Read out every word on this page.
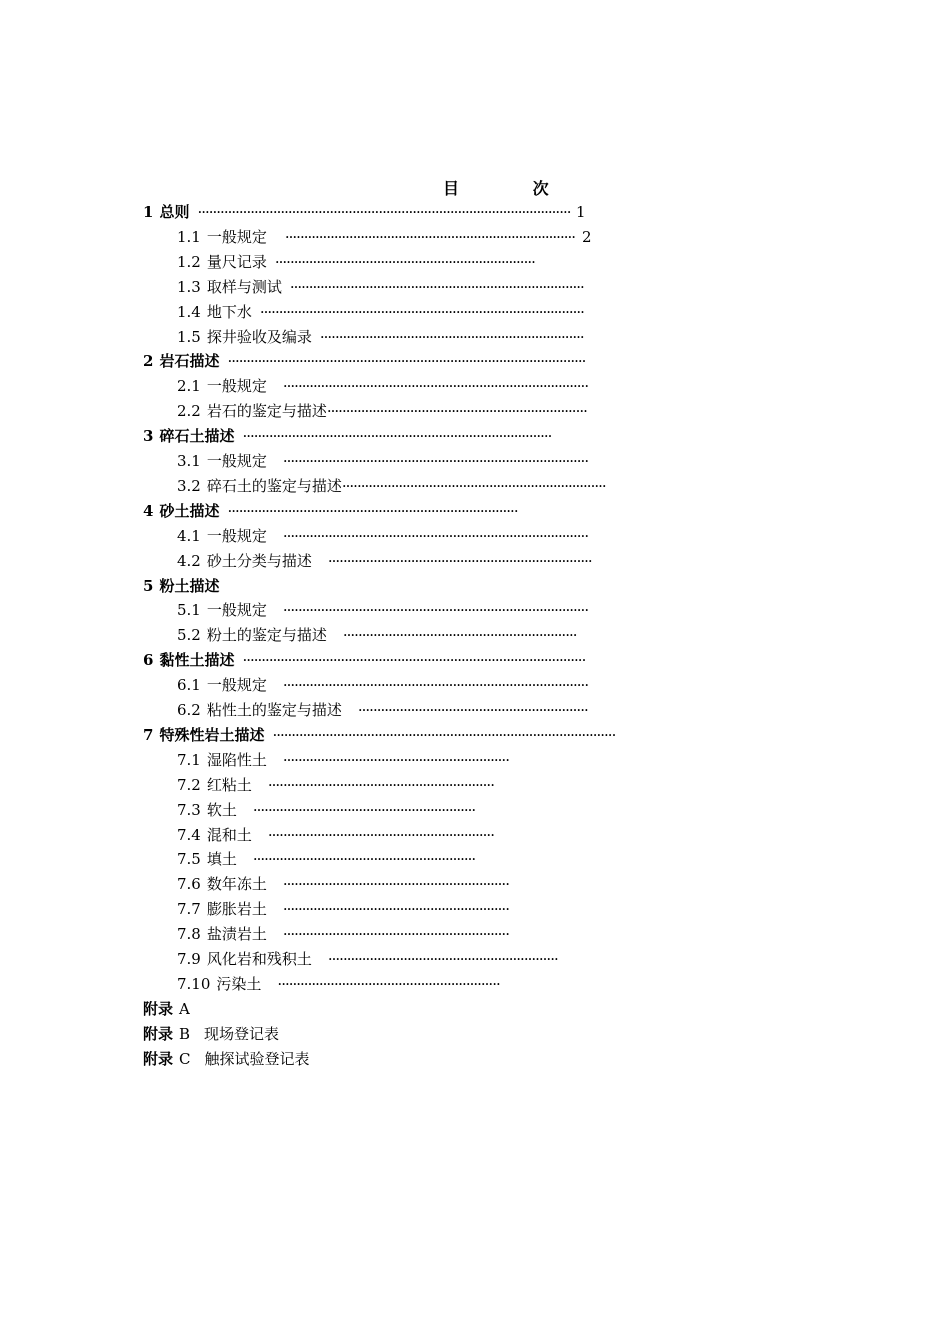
目 次
1 总则 ··································································································· 1
1.1 一般规定 ············································································· 2
1.2 量尺记录 ·····································································
1.3 取样与测试 ··············································································
1.4 地下水 ······················································································
1.5 探井验收及编录 ······································································
2 岩石描述 ·······························································································
2.1 一般规定 ·················································································
2.2 岩石的鉴定与描述 ·····································································
3 碎石土描述 ··················································································
3.1 一般规定 ·················································································
3.2 碎石土的鉴定与描述 ······································································
4 砂土描述 ·············································································
4.1 一般规定 ·················································································
4.2 砂土分类与描述 ······································································
5 粉土描述
5.1 一般规定 ·················································································
5.2 粉土的鉴定与描述 ······························································
6 黏性土描述 ···························································································
6.1 一般规定 ·················································································
6.2 粘性土的鉴定与描述 ·····························································
7 特殊性岩土描述 ···························································································
7.1 湿陷性土 ····························································
7.2 红粘土 ····························································
7.3 软土 ···························································
7.4 混和土 ····························································
7.5 填土 ···························································
7.6 数年冻土 ····························································
7.7 膨胀岩土 ····························································
7.8 盐渍岩土 ····························································
7.9 风化岩和残积土 ·····························································
7.10 污染土 ···························································
附录 A
附录 B 现场登记表
附录 C 触探试验登记表
